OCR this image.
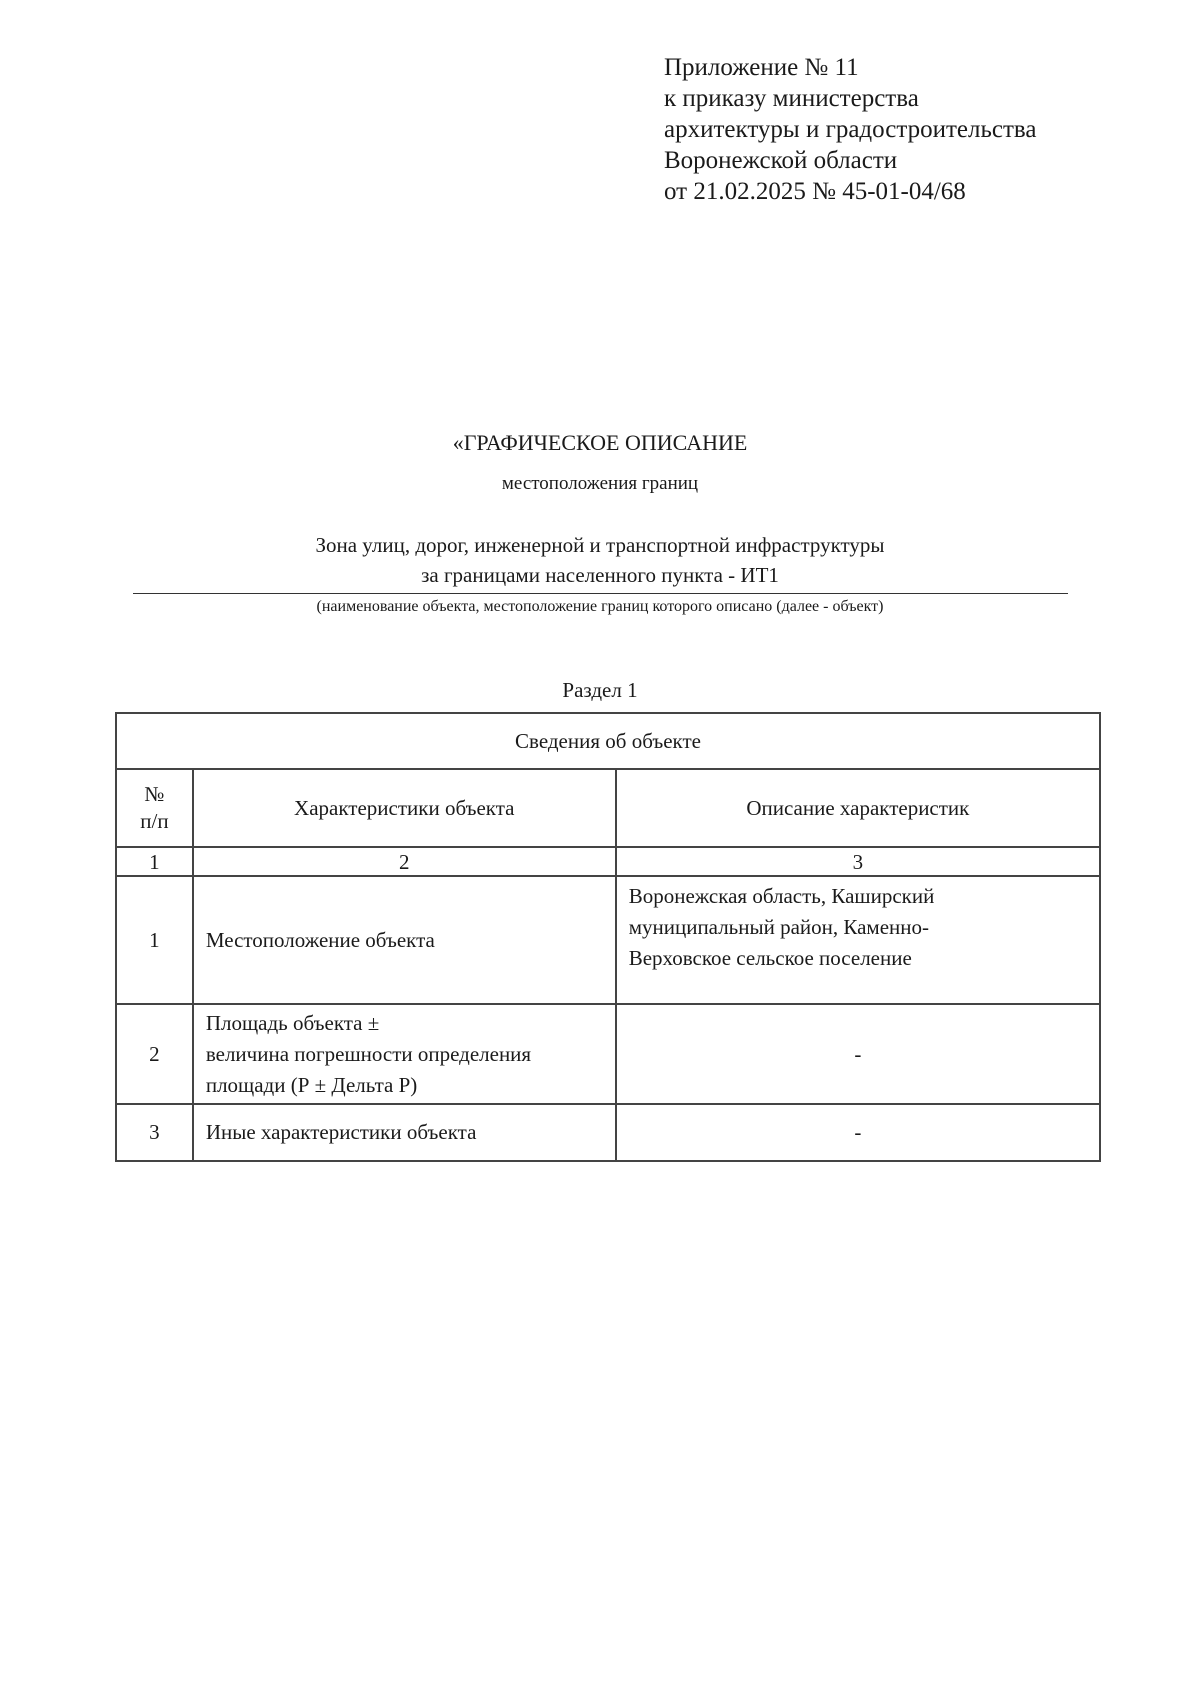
Приложение № 11
к приказу министерства
архитектуры и градостроительства
Воронежской области
от 21.02.2025 № 45-01-04/68
«ГРАФИЧЕСКОЕ ОПИСАНИЕ
местоположения границ
Зона улиц, дорог, инженерной и транспортной инфраструктуры
за границами населенного пункта - ИТ1
(наименование объекта, местоположение границ которого описано (далее - объект)
Раздел 1
Сведения об объекте		

№
п/п	Характеристики объекта	Описание характеристик
1	2	3
1	Местоположение объекта	Воронежская область, Каширский
муниципальный район, Каменно-
Верховское сельское поселение

2	Площадь объекта ±
величина погрешности определения
площади (Р ± Дельта Р)	-
3	Иные характеристики объекта	-
